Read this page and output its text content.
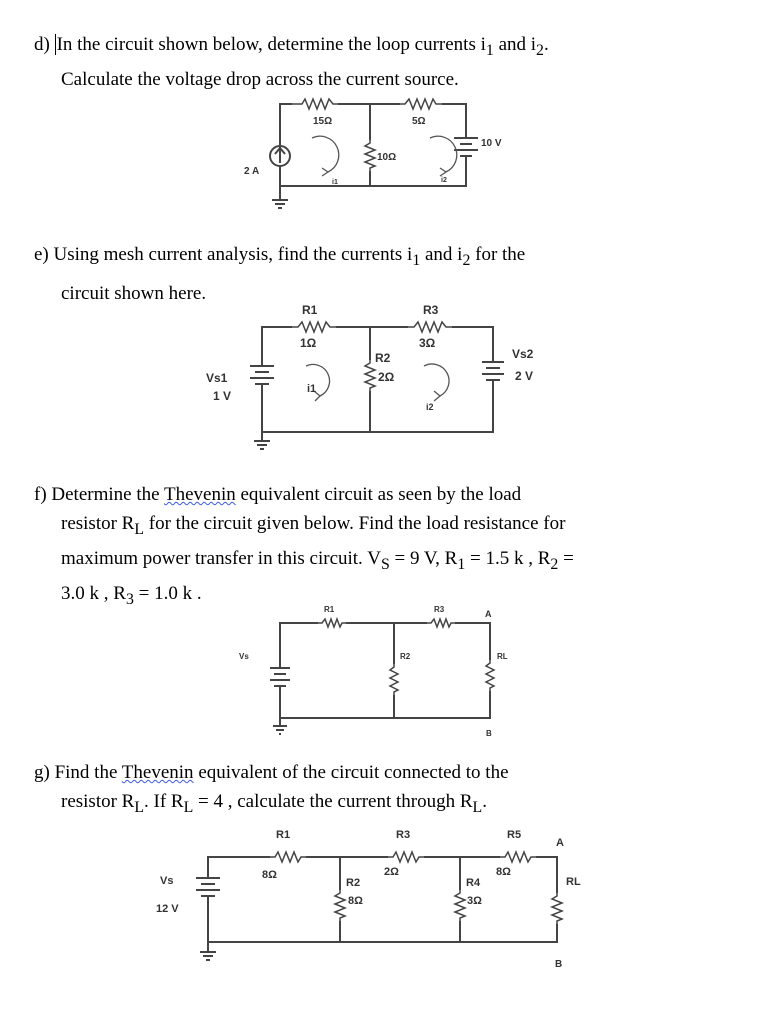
d) In the circuit shown below, determine the loop currents $i_1$ and $i_2$.
Calculate the voltage drop across the current source.
15Ω	5Ω
10Ω
10 V
2 A
i1	i2
e) Using mesh current analysis, find the currents $i_1$ and $i_2$ for the
circuit shown here.
R1
1Ω
R3
3Ω
R2
2Ω
Vs1
1 V
Vs2
2 V
i1
i2
f) Determine the Thevenin equivalent circuit as seen by the load
resistor $R_L$ for the circuit given below. Find the load resistance for
maximum power transfer in this circuit. $V_S = 9$ V, $R_1 = 1.5$ k , $R_2$ =
3.0 k , $R_3 = 1.0$ k .
R1	R3
R2	RL
Vs
A
B
g) Find the Thevenin equivalent of the circuit connected to the
resistor $R_L$. If $R_L = 4$ , calculate the current through $R_L$.
R1
8Ω
R3
2Ω
R5
8Ω
R2
8Ω
R4
3Ω
Vs
12 V
RL
A
B
